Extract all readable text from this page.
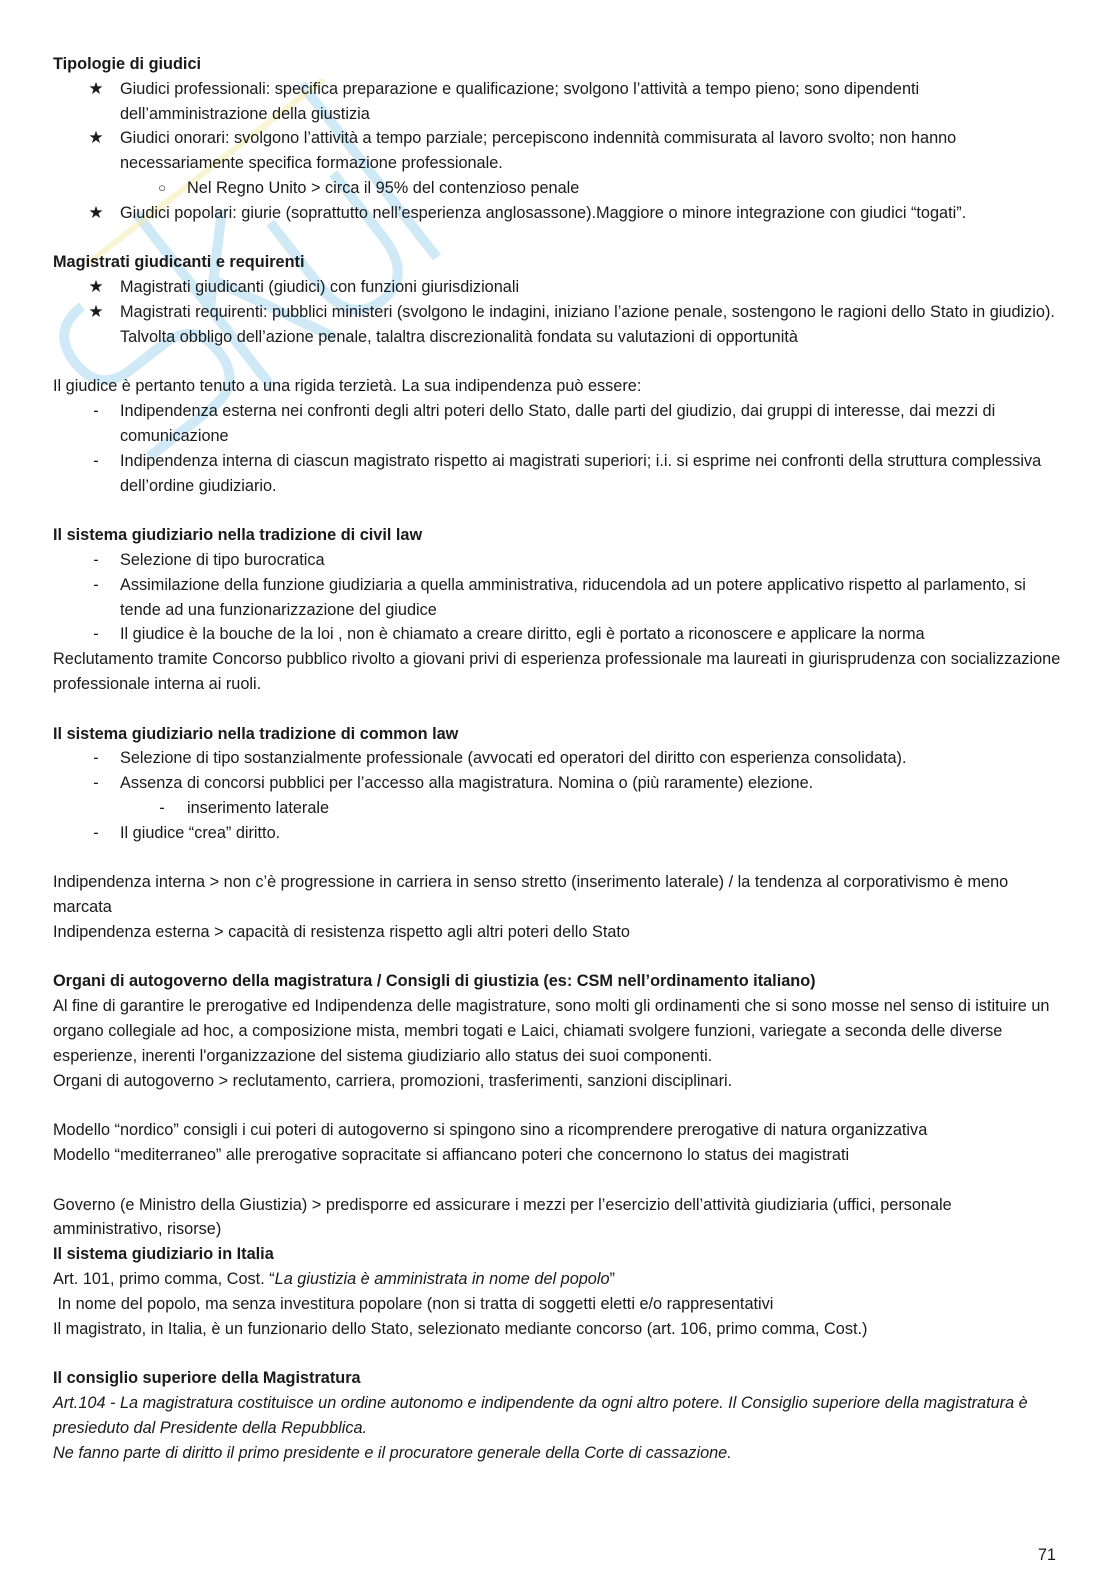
Tipologie di giudici
★ Giudici professionali: specifica preparazione e qualificazione; svolgono l’attività a tempo pieno; sono dipendenti dell’amministrazione della giustizia
★ Giudici onorari: svolgono l’attività a tempo parziale; percepiscono indennità commisurata al lavoro svolto; non hanno necessariamente specifica formazione professionale.
○	Nel Regno Unito > circa il 95% del contenzioso penale
★ Giudici popolari: giurie (soprattutto nell’esperienza anglosassone).Maggiore o minore integrazione con giudici “togati”.
Magistrati giudicanti e requirenti
★ Magistrati giudicanti (giudici) con funzioni giurisdizionali
★ Magistrati requirenti: pubblici ministeri (svolgono le indagini, iniziano l’azione penale, sostengono le ragioni dello Stato in giudizio). Talvolta obbligo dell’azione penale, talaltra discrezionalità fondata su valutazioni di opportunità
Il giudice è pertanto tenuto a una rigida terzietà. La sua indipendenza può essere:
-	Indipendenza esterna nei confronti degli altri poteri dello Stato, dalle parti del giudizio, dai gruppi di interesse, dai mezzi di comunicazione
-	Indipendenza interna di ciascun magistrato rispetto ai magistrati superiori; i.i. si esprime nei confronti della struttura complessiva dell’ordine giudiziario.
Il sistema giudiziario nella tradizione di civil law
-	Selezione di tipo burocratica
-	Assimilazione della funzione giudiziaria a quella amministrativa, riducendola ad un potere applicativo rispetto al parlamento, si tende ad una funzionarizzazione del giudice
-	Il giudice è la bouche de la loi , non è chiamato a creare diritto, egli è portato a riconoscere e applicare la norma
Reclutamento tramite Concorso pubblico rivolto a giovani privi di esperienza professionale ma laureati in giurisprudenza con socializzazione professionale interna ai ruoli.
Il sistema giudiziario nella tradizione di common law
-	Selezione di tipo sostanzialmente professionale (avvocati ed operatori del diritto con esperienza consolidata).
-	Assenza di concorsi pubblici per l’accesso alla magistratura. Nomina o (più raramente) elezione.
-	inserimento laterale
-	Il giudice “crea” diritto.
Indipendenza interna > non c’è progressione in carriera in senso stretto (inserimento laterale) / la tendenza al corporativismo è meno marcata
Indipendenza esterna > capacità di resistenza rispetto agli altri poteri dello Stato
Organi di autogoverno della magistratura / Consigli di giustizia (es: CSM nell’ordinamento italiano)
Al fine di garantire le prerogative ed Indipendenza delle magistrature, sono molti gli ordinamenti che si sono mosse nel senso di istituire un organo collegiale ad hoc, a composizione mista, membri togati e Laici, chiamati svolgere funzioni, variegate a seconda delle diverse esperienze, inerenti l'organizzazione del sistema giudiziario allo status dei suoi componenti.
Organi di autogoverno > reclutamento, carriera, promozioni, trasferimenti, sanzioni disciplinari.
Modello “nordico” consigli i cui poteri di autogoverno si spingono sino a ricomprendere prerogative di natura organizzativa
Modello “mediterraneo” alle prerogative sopracitate si affiancano poteri che concernono lo status dei magistrati
Governo (e Ministro della Giustizia) > predisporre ed assicurare i mezzi per l’esercizio dell’attività giudiziaria (uffici, personale amministrativo, risorse)
Il sistema giudiziario in Italia
Art. 101, primo comma, Cost. “La giustizia è amministrata in nome del popolo”
In nome del popolo, ma senza investitura popolare (non si tratta di soggetti eletti e/o rappresentativi
Il magistrato, in Italia, è un funzionario dello Stato, selezionato mediante concorso (art. 106, primo comma, Cost.)
Il consiglio superiore della Magistratura
Art.104 - La magistratura costituisce un ordine autonomo e indipendente da ogni altro potere. Il Consiglio superiore della magistratura è presieduto dal Presidente della Repubblica.
Ne fanno parte di diritto il primo presidente e il procuratore generale della Corte di cassazione.
71
